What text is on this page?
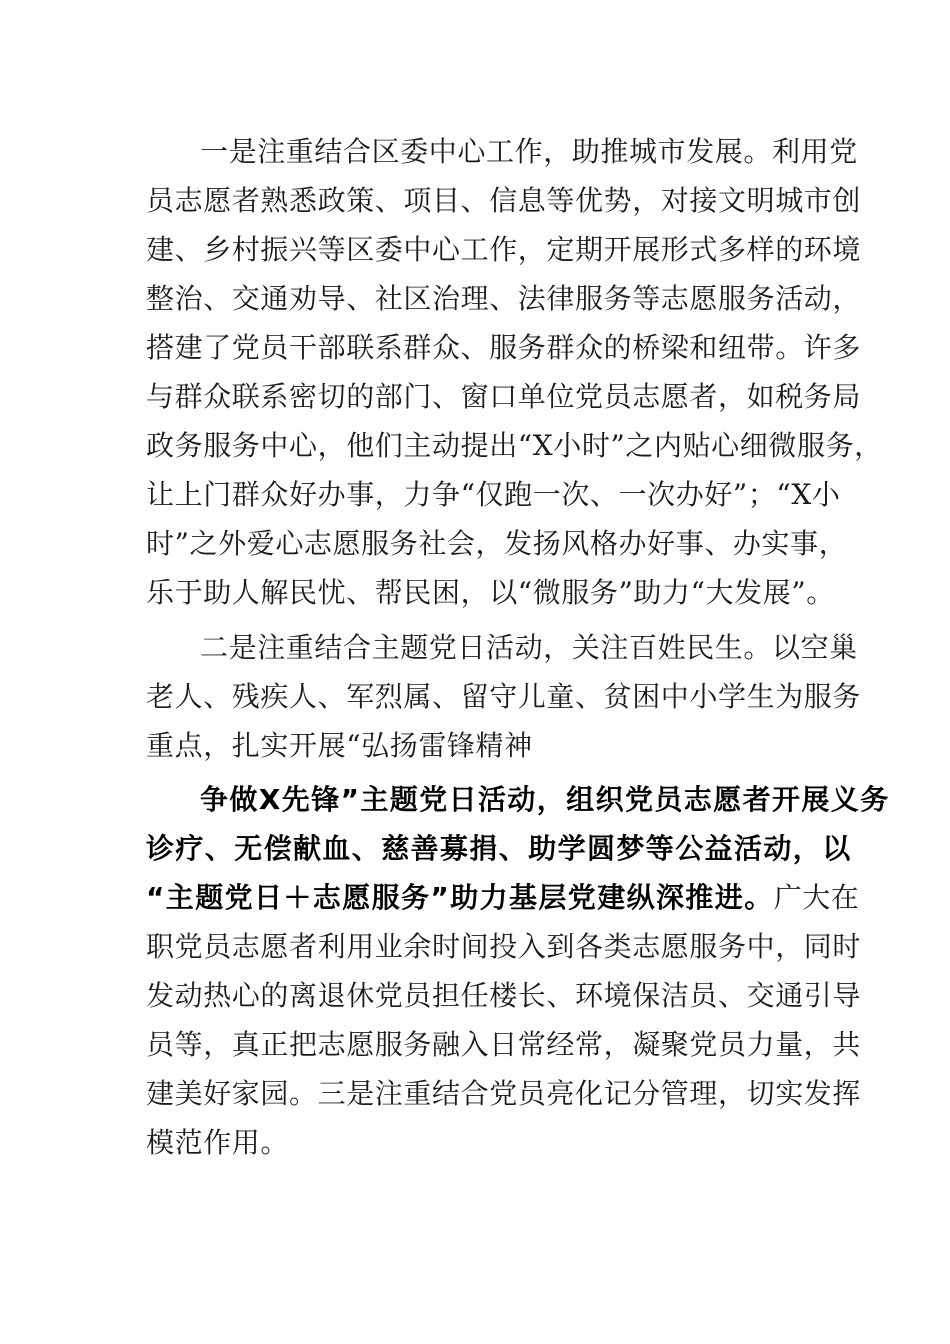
一是注重结合区委中心工作，助推城市发展。利用党

员志愿者熟悉政策、项目、信息等优势，对接文明城市创

建、乡村振兴等区委中心工作，定期开展形式多样的环境

整治、交通劝导、社区治理、法律服务等志愿服务活动，

搭建了党员干部联系群众、服务群众的桥梁和纽带。许多

与群众联系密切的部门、窗口单位党员志愿者，如税务局

政务服务中心，他们主动提出“X小时”之内贴心细微服务，

让上门群众好办事，力争“仅跑一次、一次办好”；“X小

时”之外爱心志愿服务社会，发扬风格办好事、办实事，

乐于助人解民忧、帮民困，以“微服务”助力“大发展”。

二是注重结合主题党日活动，关注百姓民生。以空巢

老人、残疾人、军烈属、留守儿童、贫困中小学生为服务

重点，扎实开展“弘扬雷锋精神

争做X先锋”主题党日活动，组织党员志愿者开展义务

诊疗、无偿献血、慈善募捐、助学圆梦等公益活动，以

“主题党日＋志愿服务”助力基层党建纵深推进。广大在

职党员志愿者利用业余时间投入到各类志愿服务中，同时

发动热心的离退休党员担任楼长、环境保洁员、交通引导

员等，真正把志愿服务融入日常经常，凝聚党员力量，共

建美好家园。三是注重结合党员亮化记分管理，切实发挥

模范作用。
